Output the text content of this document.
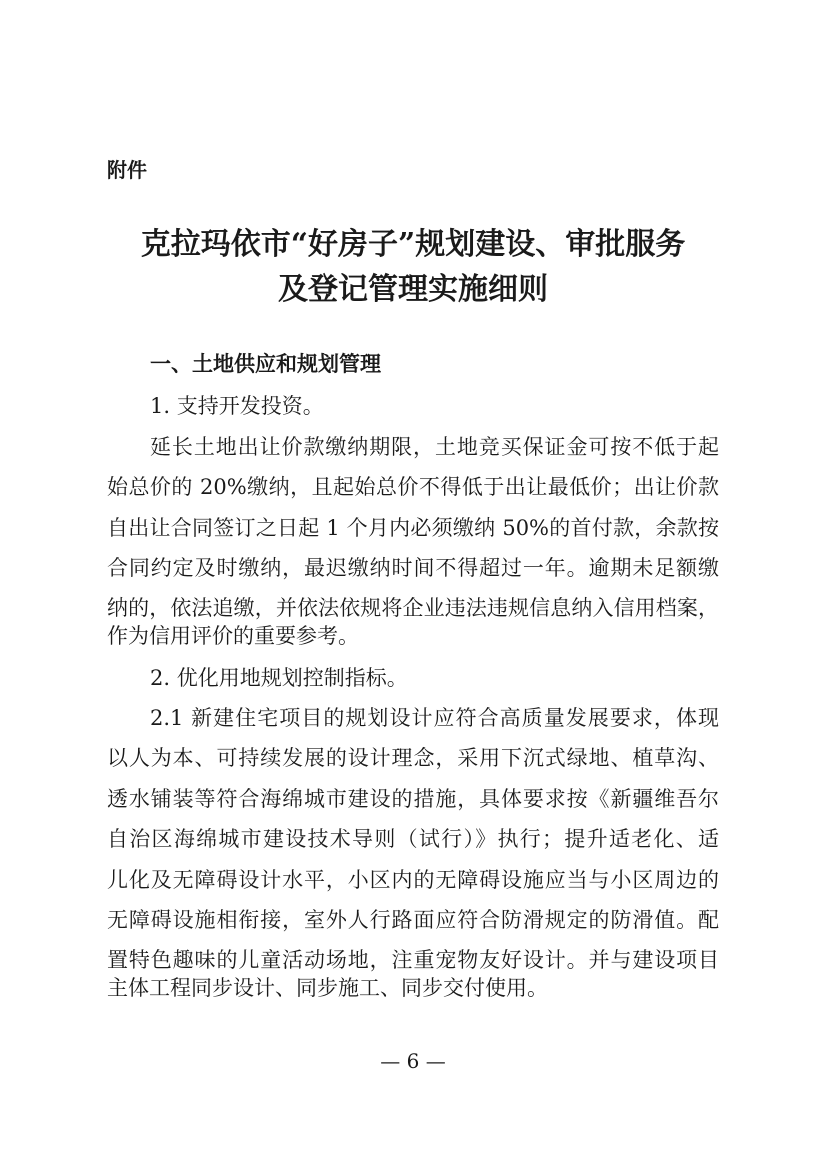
附件

克拉玛依市“好房子”规划建设、审批服务
及登记管理实施细则
一、土地供应和规划管理

1. 支持开发投资。

延长土地出让价款缴纳期限，土地竞买保证金可按不低于起

始总价的 20%缴纳，且起始总价不得低于出让最低价；出让价款

自出让合同签订之日起 1 个月内必须缴纳 50%的首付款，余款按

合同约定及时缴纳，最迟缴纳时间不得超过一年。逾期未足额缴

纳的，依法追缴，并依法依规将企业违法违规信息纳入信用档案，

作为信用评价的重要参考。

2. 优化用地规划控制指标。

2.1 新建住宅项目的规划设计应符合高质量发展要求，体现

以人为本、可持续发展的设计理念，采用下沉式绿地、植草沟、

透水铺装等符合海绵城市建设的措施，具体要求按《新疆维吾尔

自治区海绵城市建设技术导则（试行）》执行；提升适老化、适

儿化及无障碍设计水平，小区内的无障碍设施应当与小区周边的

无障碍设施相衔接，室外人行路面应符合防滑规定的防滑值。配

置特色趣味的儿童活动场地，注重宠物友好设计。并与建设项目

主体工程同步设计、同步施工、同步交付使用。

— 6 —
